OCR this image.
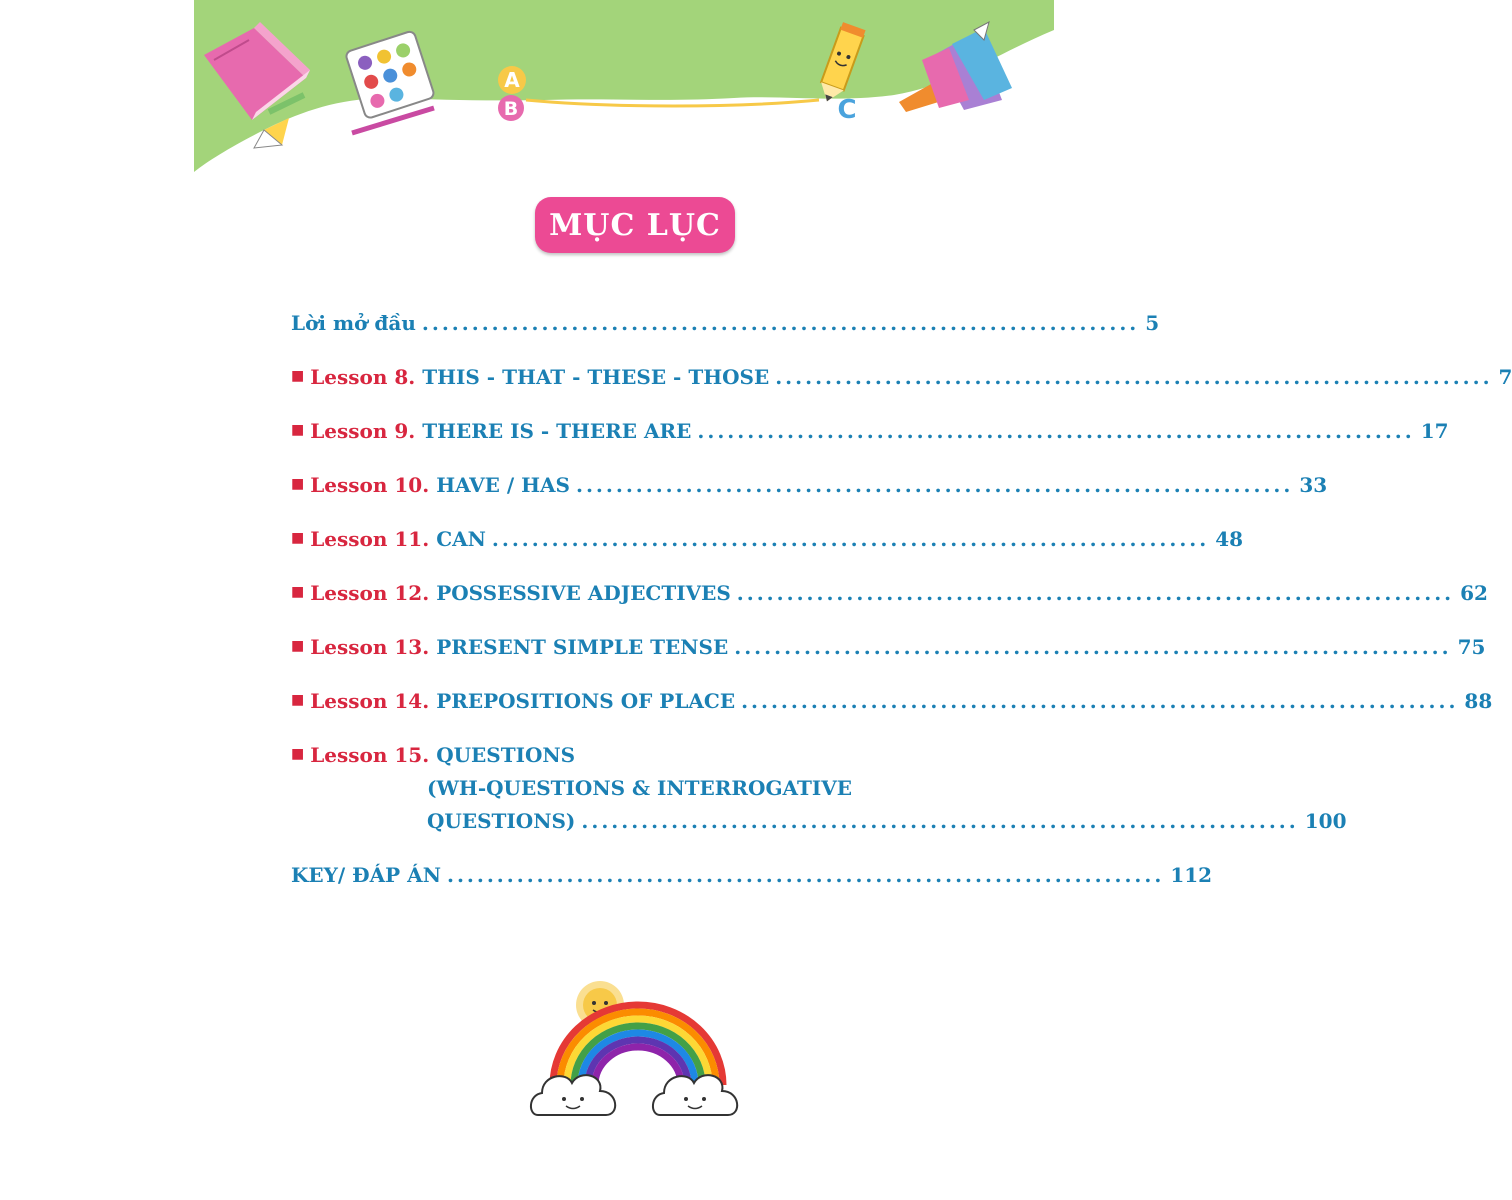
A
B	C
MỤC LỤC
Lời mở đầu ........................................................................ 5
■ Lesson 8. THIS - THAT - THESE - THOSE ........................................................................ 7
■ Lesson 9. THERE IS - THERE ARE ........................................................................ 17
■ Lesson 10. HAVE / HAS ........................................................................ 33
■ Lesson 11. CAN ........................................................................ 48
■ Lesson 12. POSSESSIVE ADJECTIVES ........................................................................ 62
■ Lesson 13. PRESENT SIMPLE TENSE ........................................................................ 75
■ Lesson 14. PREPOSITIONS OF PLACE ........................................................................ 88
■ Lesson 15. QUESTIONS
(WH-QUESTIONS & INTERROGATIVE
QUESTIONS) ........................................................................ 100
KEY/ ĐÁP ÁN ........................................................................ 112
